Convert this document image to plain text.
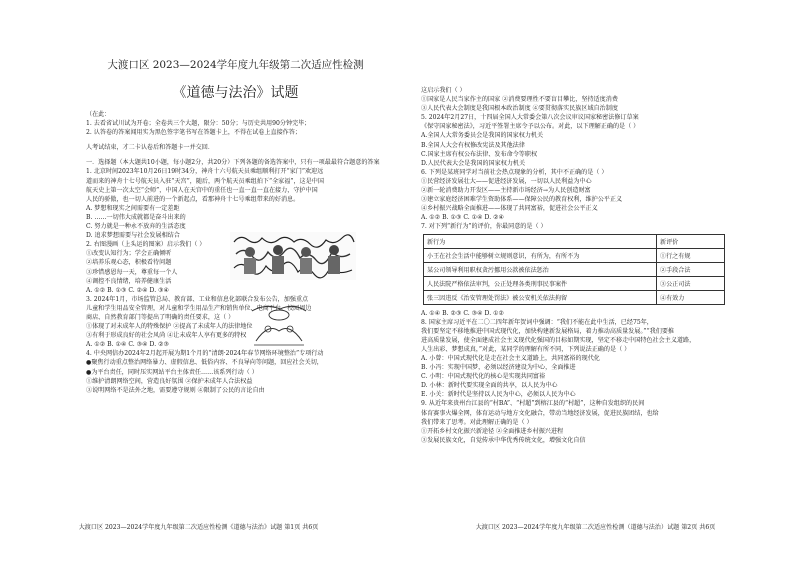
大渡口区 2023—2024学年度九年级第二次适应性检测
《道德与法治》试题
（在此：
1. 去看省试川试为开卷；全卷共三个大题，限分：50分；与历史共用90分钟完毕；
2. 认答卷的答案闻用实为黑色签字笔书写在答题卡上，不得在试卷上直接作答；
人考试结束，才二卡认卷后和答题卡一并交回．
一．选择题（本大题共10小题，每小题2分，共20分）下列各题的备选答案中，只有一项最最符合题意的答案
1. 北京时间2023年10月26日19时34分，神舟十六号航天员乘组顺利打开“家门”欢迎远
道而来的神舟十七号航天员入驻“天宫”，随后，两个航天员乘组拍下“全家福”，这是中国
航天史上第一次太空“会师”，中国人在天宫中的重任也一直一直一直在接力，守护中国
人民的骄傲，也一切人前进的一个新起点，看那神舟十七号乘组带来的好消息。
A. 梦想和现实之间需要有一定差距
B. ……一切伟大成就都是奋斗出来的
C. 努力就是一种永不放弃的生活态度
D. 追求梦想需要与社会发展相结合
2. 右图漫画（上头运的图案）启示我们（ ）
①改变认知行为；学会正确倾听
②培养乐观心态，积极看待问题
③珍惜感恩每一天，尊重每一个人
④调控不良情绪，培养健康生活
A. ①② B. ①③ C. ②④ D. ③④
3. 2024年1月，市场监管总局、教育部、工业和信息化部联合发布公告，加强重点
儿童和学生用品安全管理，对儿童和学生用品生产和销售单位、电商平台、校园周边
商店、自然教育部门等提出了明确的责任要求，这（ ）
①体现了对未成年人的特殊保护 ②提高了未成年人的法律地位
③有利于形成良好的社会风尚 ④让未成年人享有更多的特权
A. ①② B. ①④ C. ③④ D. ②③
4. 中央网信办2024年2月起开展为期1个月的“清朗·2024年春节网络环境整治”专项行动
●聚焦行动重点整治网络暴力、虚假信息、低俗内容、不良导向等问题，回应社会关切，
●为平台责任，同时压实网站平台主体责任……该系列行动（ ）
①维护清朗网络空间，营造良好氛围 ②保护未成年人合法权益
③说明网络不是法外之地，需要遵守规则 ④限制了公民的言论自由
大渡口区 2023—2024学年度九年级第二次适应性检测《道德与法治》试题 第1页 共6页
这启示我们（ ）
①国家是人民当家作主的国家 ②消费要理性不要盲目攀比，坚持适度消费
③人民代表大会制度是我国根本政治制度 ④要贯彻落实民族区域自治制度
5. 2024年2月27日，十四届全国人大常委会第八次会议审议国家秘密法修订草案
《保守国家秘密法》，习近平签署主席令予以公布。对此，以下理解正确的是（ ）
A.全国人大常务委员会是我国的国家权力机关
B.全国人大会有权修改宪法及其他法律
C.国家主席有权公布法律、发布命令等职权
D.人民代表大会是我国的国家权力机关
6. 下列是某班同学对当前社会热点现象的分析，其中不正确的是（ ）
①民营经济发展壮大——促进经济发展，一切以人民利益为中心
②新一轮消费助力开发区——主持新市场经济→为人民创造财富
③建立家庭经济困难学生资助体系——保障公民的教育权利，维护公平正义
④乡村振兴战略全面推进——体现了共同富裕，促进社会公平正义
A. ①② B. ①③ C. ①④ D. ②④
7. 对下列“新行为”的评价，你最同意的是（ ）
新行为	新评价
小王在社会生活中能够树立规则意识，有所为，有所不为	①行之有规
某公司领导利用职权贪污挪用公款被依法惩治	②手段合法
人民法院严格依法审判，公正处理各类刑事民事案件	③公正司法
张三因违反《治安管理处罚法》被公安机关依法拘留	④有效力
A. ①④ B. ②③ C. ③④ D. ①②
8. 国家主席习近平在二〇二四年新年贺词中强调：“我们不能在此中生活，已经75年，
我们要坚定不移地推进中国式现代化，加快构建新发展格局，着力推动高质量发展。”“我们要推
进高质量发展，使全面建成社会主义现代化强国的目标如期实现，坚定不移走中国特色社会主义道路，
人生出彩、梦想成真，”对此，某同学的理解有所不同，下列说法正确的是（ ）
A. 小曾：中国式现代化是走在社会主义道路上，共同富裕的现代化
B. 小冯：实现中国梦，必须以经济建设为中心，全面推进
C. 小明：中国式现代化的核心是实现共同富裕
D. 小林：新时代要实现全面的共享，以人民为中心
E. 小关：新时代是坚持以人民为中心，必须以人民为中心
9. 从近年来贵州台江县的“村BA”、“村超”到榕江县的“村超”，这种自发组织的民间
体育赛事火爆全网，体育运动与地方文化融合，带动当地经济发展，促进民族团结，也给
我们带来了思考。对此理解正确的是（ ）
①开拓乡村文化振兴新途径 ②全面推进乡村振兴进程
③发展民族文化，自觉传承中华优秀传统文化，增强文化自信
大渡口区 2023—2024学年度九年级第二次适应性检测（道德与法治）试题 第2页 共6页
